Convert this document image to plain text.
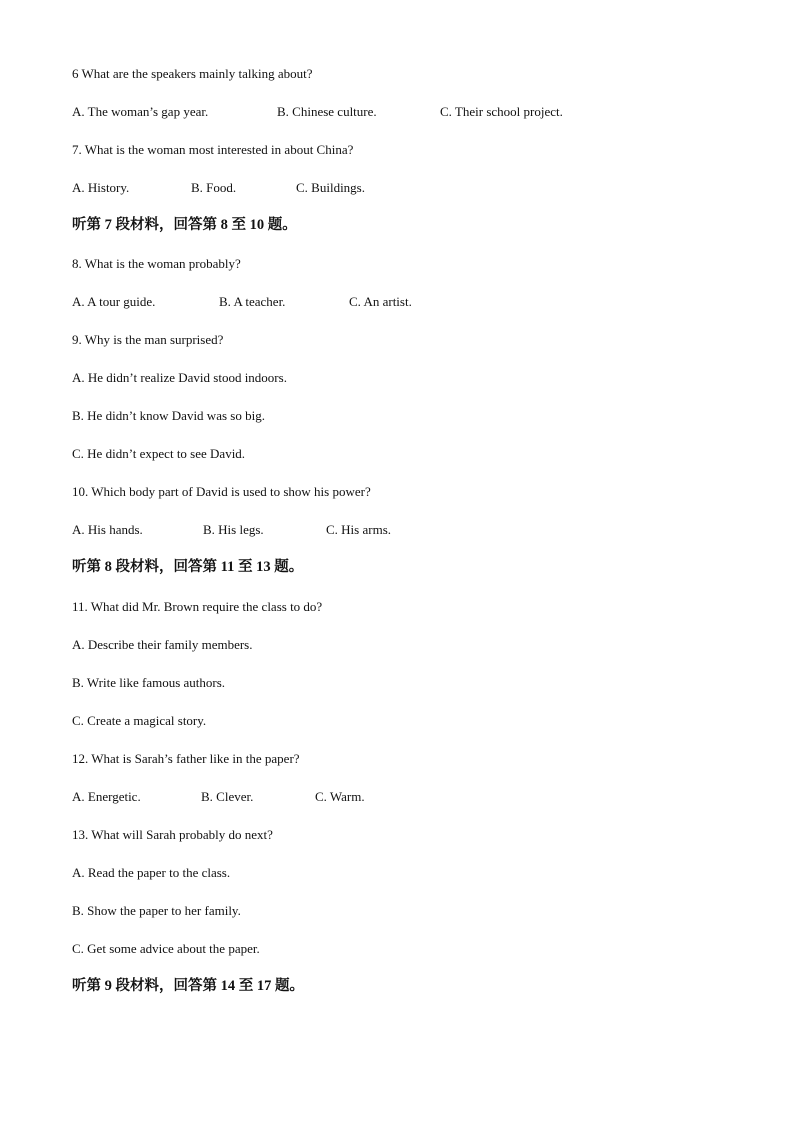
6 What are the speakers mainly talking about?
A. The woman’s gap year.	B. Chinese culture.	C. Their school project.
7. What is the woman most interested in about China?
A. History.	B. Food.	C. Buildings.
听第 7 段材料，回答第 8 至 10 题。
8. What is the woman probably?
A. A tour guide.	B. A teacher.	C. An artist.
9. Why is the man surprised?
A. He didn’t realize David stood indoors.
B. He didn’t know David was so big.
C. He didn’t expect to see David.
10. Which body part of David is used to show his power?
A. His hands.	B. His legs.	C. His arms.
听第 8 段材料，回答第 11 至 13 题。
11. What did Mr. Brown require the class to do?
A. Describe their family members.
B. Write like famous authors.
C. Create a magical story.
12. What is Sarah’s father like in the paper?
A. Energetic.	B. Clever.	C. Warm.
13. What will Sarah probably do next?
A. Read the paper to the class.
B. Show the paper to her family.
C. Get some advice about the paper.
听第 9 段材料，回答第 14 至 17 题。
